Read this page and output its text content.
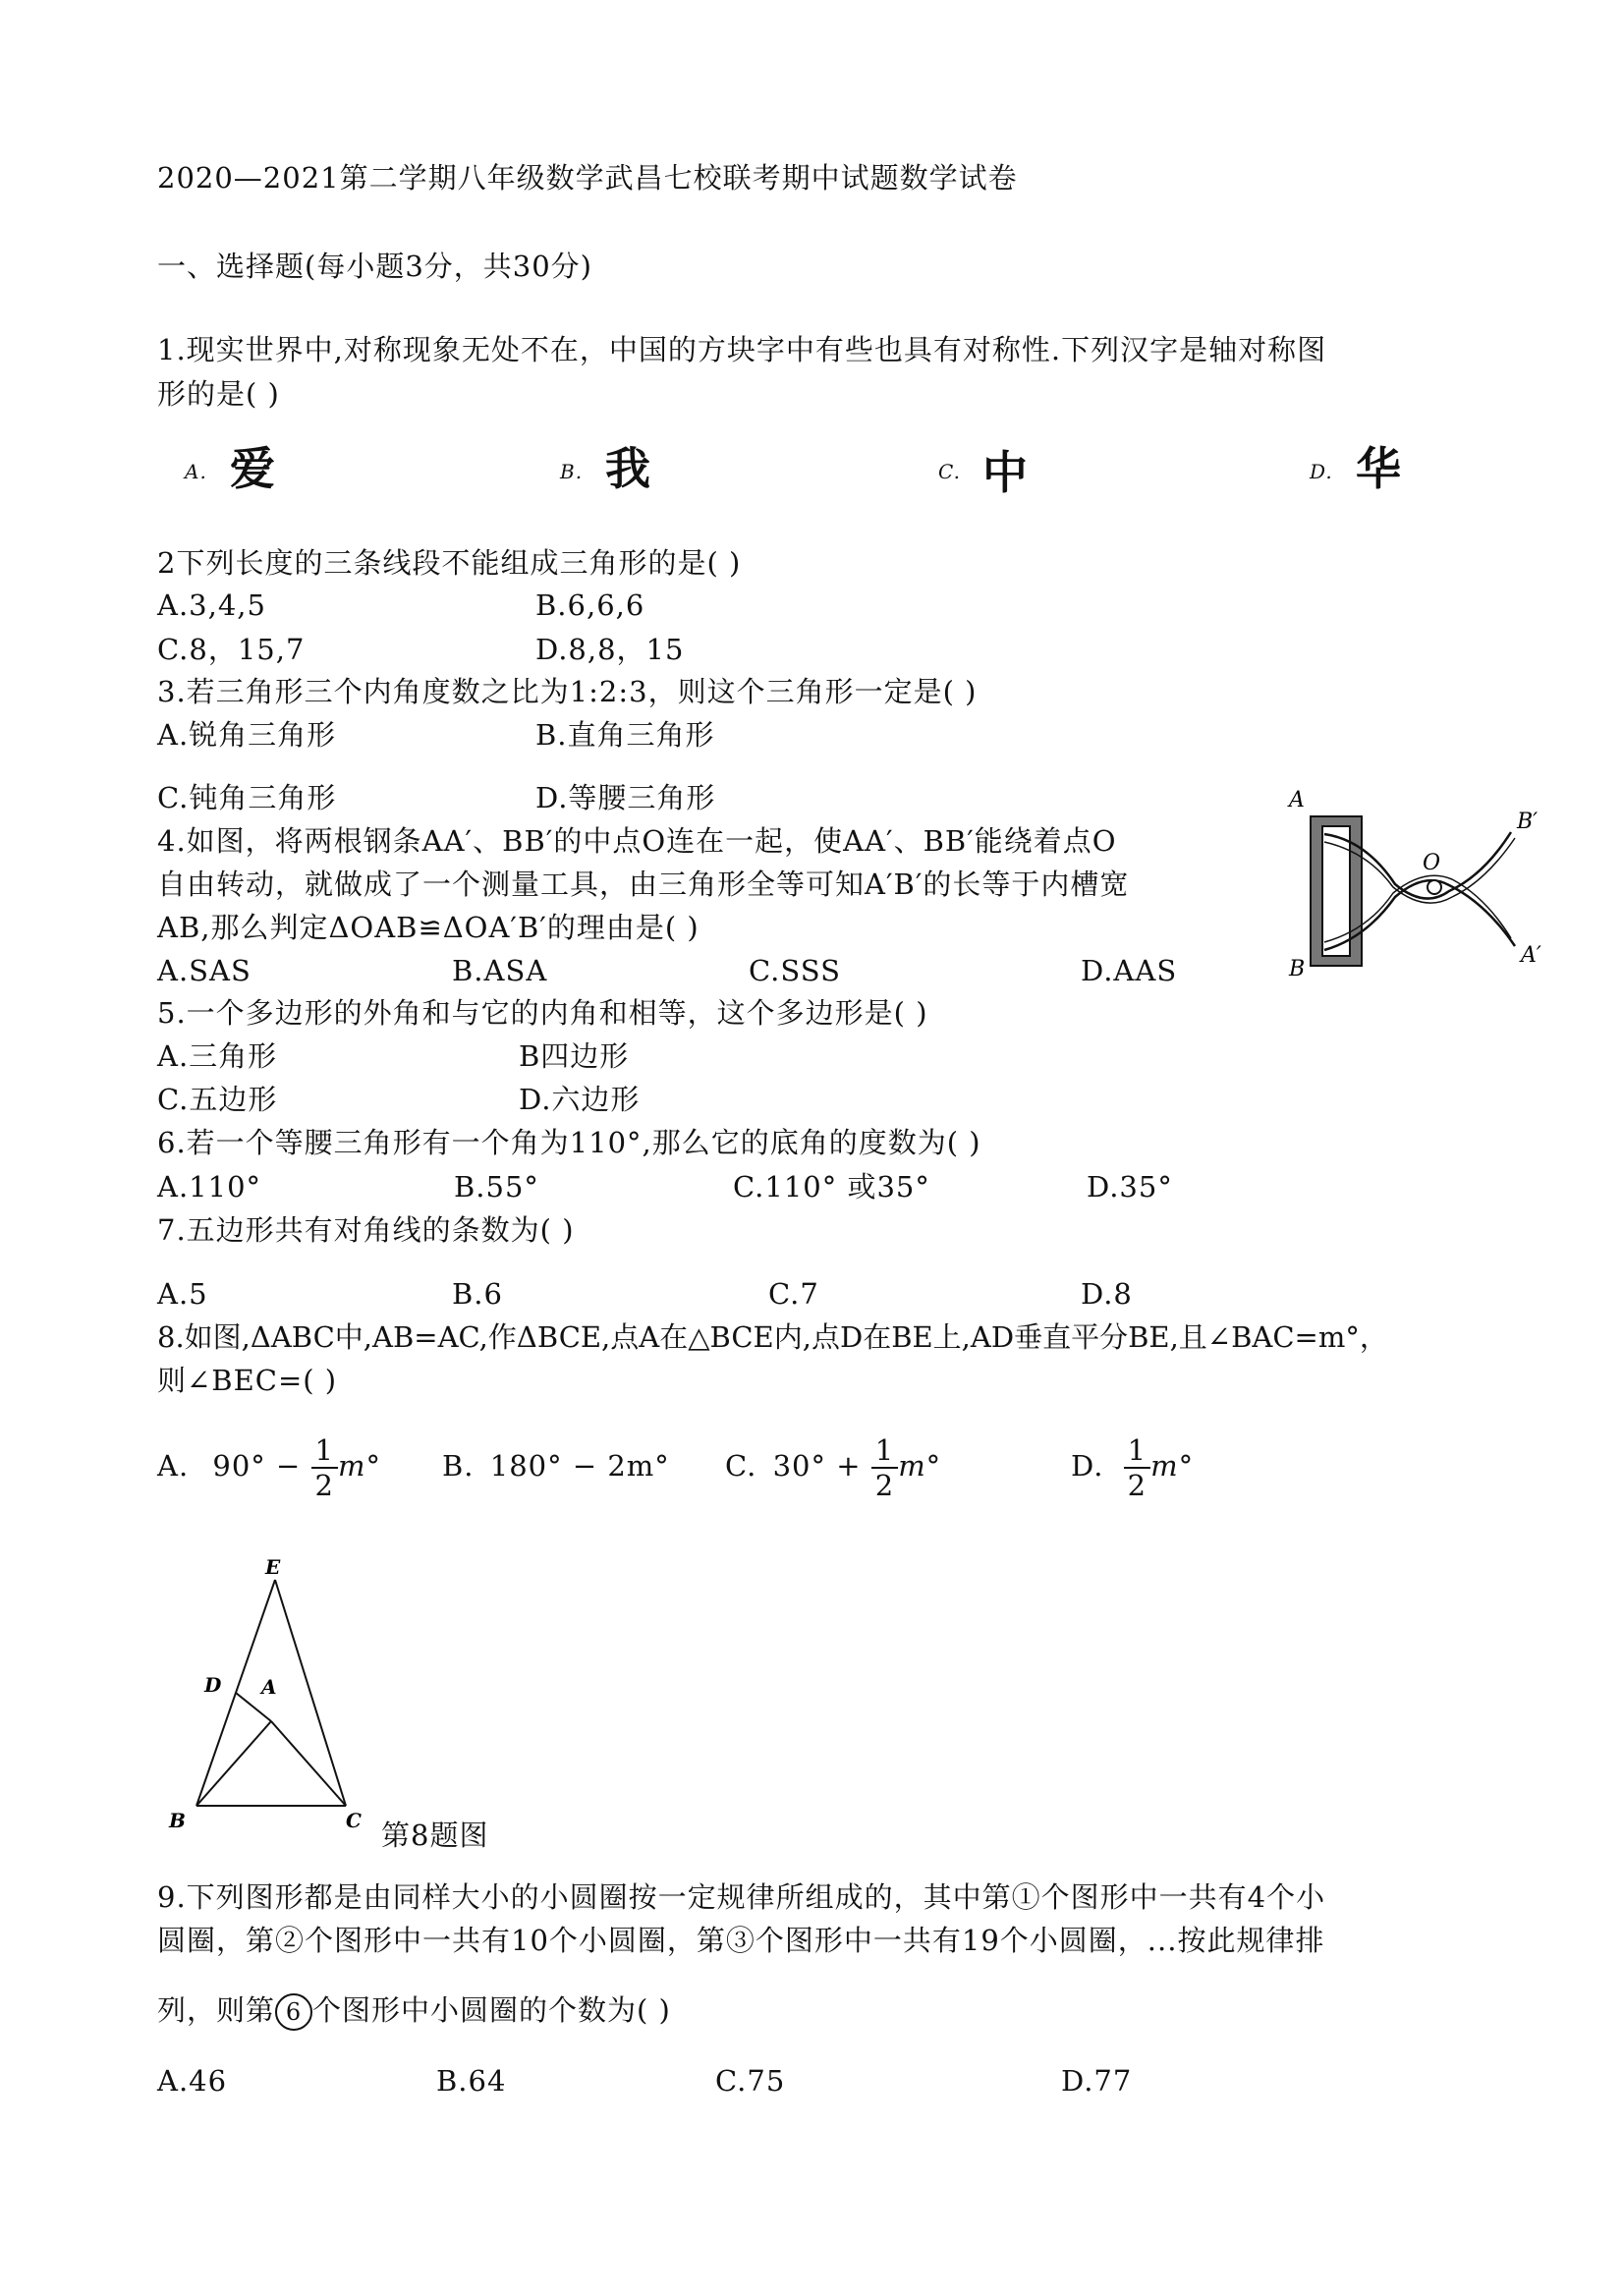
2020—2021第二学期八年级数学武昌七校联考期中试题数学试卷
一、选择题(每小题3分，共30分)
1.现实世界中,对称现象无处不在，中国的方块字中有些也具有对称性.下列汉字是轴对称图
形的是( )
A. 爱	B. 我	C. 中	D. 华
2下列长度的三条线段不能组成三角形的是( )
A.3,4,5	B.6,6,6
C.8，15,7	D.8,8，15
3.若三角形三个内角度数之比为1:2:3，则这个三角形一定是( )
A.锐角三角形	B.直角三角形
C.钝角三角形	D.等腰三角形
4.如图，将两根钢条AA′、BB′的中点O连在一起，使AA′、BB′能绕着点O
自由转动，就做成了一个测量工具，由三角形全等可知A′B′的长等于内槽宽
AB,那么判定ΔOAB≌ΔOA′B′的理由是( )
A.SAS	B.ASA	C.SSS	D.AAS
A
B
O
B′
A′
5.一个多边形的外角和与它的内角和相等，这个多边形是( )
A.三角形	B四边形
C.五边形	D.六边形
6.若一个等腰三角形有一个角为110°,那么它的底角的度数为( )
A.110°	B.55°	C.110° 或35°	D.35°
7.五边形共有对角线的条数为( )
A.5	B.6	C.7	D.8
8.如图,ΔABC中,AB=AC,作ΔBCE,点A在△BCE内,点D在BE上,AD垂直平分BE,且∠BAC=m°，
则∠BEC=( )
A. $90^\circ - \frac{1}{2} m^\circ$ B. 180° − 2m° C. $30^\circ + \frac{1}{2} m^\circ$	D. $\frac{1}{2} m^\circ$
E
D A
B	C 第8题图
9.下列图形都是由同样大小的小圆圈按一定规律所组成的，其中第①个图形中一共有4个小
圆圈，第②个图形中一共有10个小圆圈，第③个图形中一共有19个小圆圈，...按此规律排
列，则第 6 个图形中小圆圈的个数为( )
A.46	B.64	C.75	D.77
